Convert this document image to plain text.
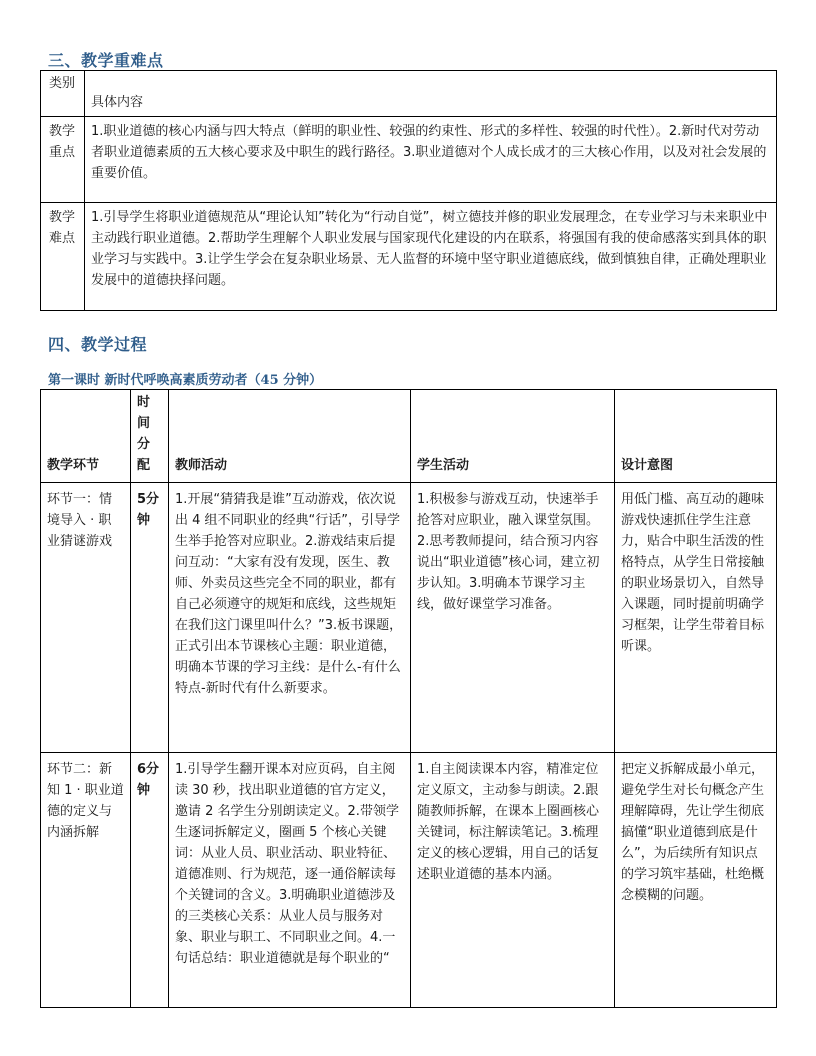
三、教学重难点
类别	具体内容
教学重点	1.职业道德的核心内涵与四大特点（鲜明的职业性、较强的约束性、形式的多样性、较强的时代性）。2.新时代对劳动者职业道德素质的五大核心要求及中职生的践行路径。3.职业道德对个人成长成才的三大核心作用，以及对社会发展的重要价值。
教学难点	1.引导学生将职业道德规范从“理论认知”转化为“行动自觉”，树立德技并修的职业发展理念，在专业学习与未来职业中主动践行职业道德。2.帮助学生理解个人职业发展与国家现代化建设的内在联系，将强国有我的使命感落实到具体的职业学习与实践中。3.让学生学会在复杂职业场景、无人监督的环境中坚守职业道德底线，做到慎独自律，正确处理职业发展中的道德抉择问题。
四、教学过程
第一课时 新时代呼唤高素质劳动者（45 分钟）
教学环节	时间分配	教师活动	学生活动	设计意图
环节一：情境导入 · 职业猜谜游戏	5分钟	1.开展“猜猜我是谁”互动游戏，依次说出 4 组不同职业的经典“行话”，引导学生举手抢答对应职业。2.游戏结束后提问互动：“大家有没有发现，医生、教师、外卖员这些完全不同的职业，都有自己必须遵守的规矩和底线，这些规矩在我们这门课里叫什么？”3.板书课题，正式引出本节课核心主题：职业道德，明确本节课的学习主线：是什么-有什么特点-新时代有什么新要求。	1.积极参与游戏互动，快速举手抢答对应职业，融入课堂氛围。2.思考教师提问，结合预习内容说出“职业道德”核心词，建立初步认知。3.明确本节课学习主线，做好课堂学习准备。	用低门槛、高互动的趣味游戏快速抓住学生注意力，贴合中职生活泼的性格特点，从学生日常接触的职业场景切入，自然导入课题，同时提前明确学习框架，让学生带着目标听课。
环节二：新知 1 · 职业道德的定义与内涵拆解	6分钟	1.引导学生翻开课本对应页码，自主阅读 30 秒，找出职业道德的官方定义，邀请 2 名学生分别朗读定义。2.带领学生逐词拆解定义，圈画 5 个核心关键词：从业人员、职业活动、职业特征、道德准则、行为规范，逐一通俗解读每个关键词的含义。3.明确职业道德涉及的三类核心关系：从业人员与服务对象、职业与职工、不同职业之间。4.一句话总结：职业道德就是每个职业的“	1.自主阅读课本内容，精准定位定义原文，主动参与朗读。2.跟随教师拆解，在课本上圈画核心关键词，标注解读笔记。3.梳理定义的核心逻辑，用自己的话复述职业道德的基本内涵。	把定义拆解成最小单元，避免学生对长句概念产生理解障碍，先让学生彻底搞懂“职业道德到底是什么”，为后续所有知识点的学习筑牢基础，杜绝概念模糊的问题。
